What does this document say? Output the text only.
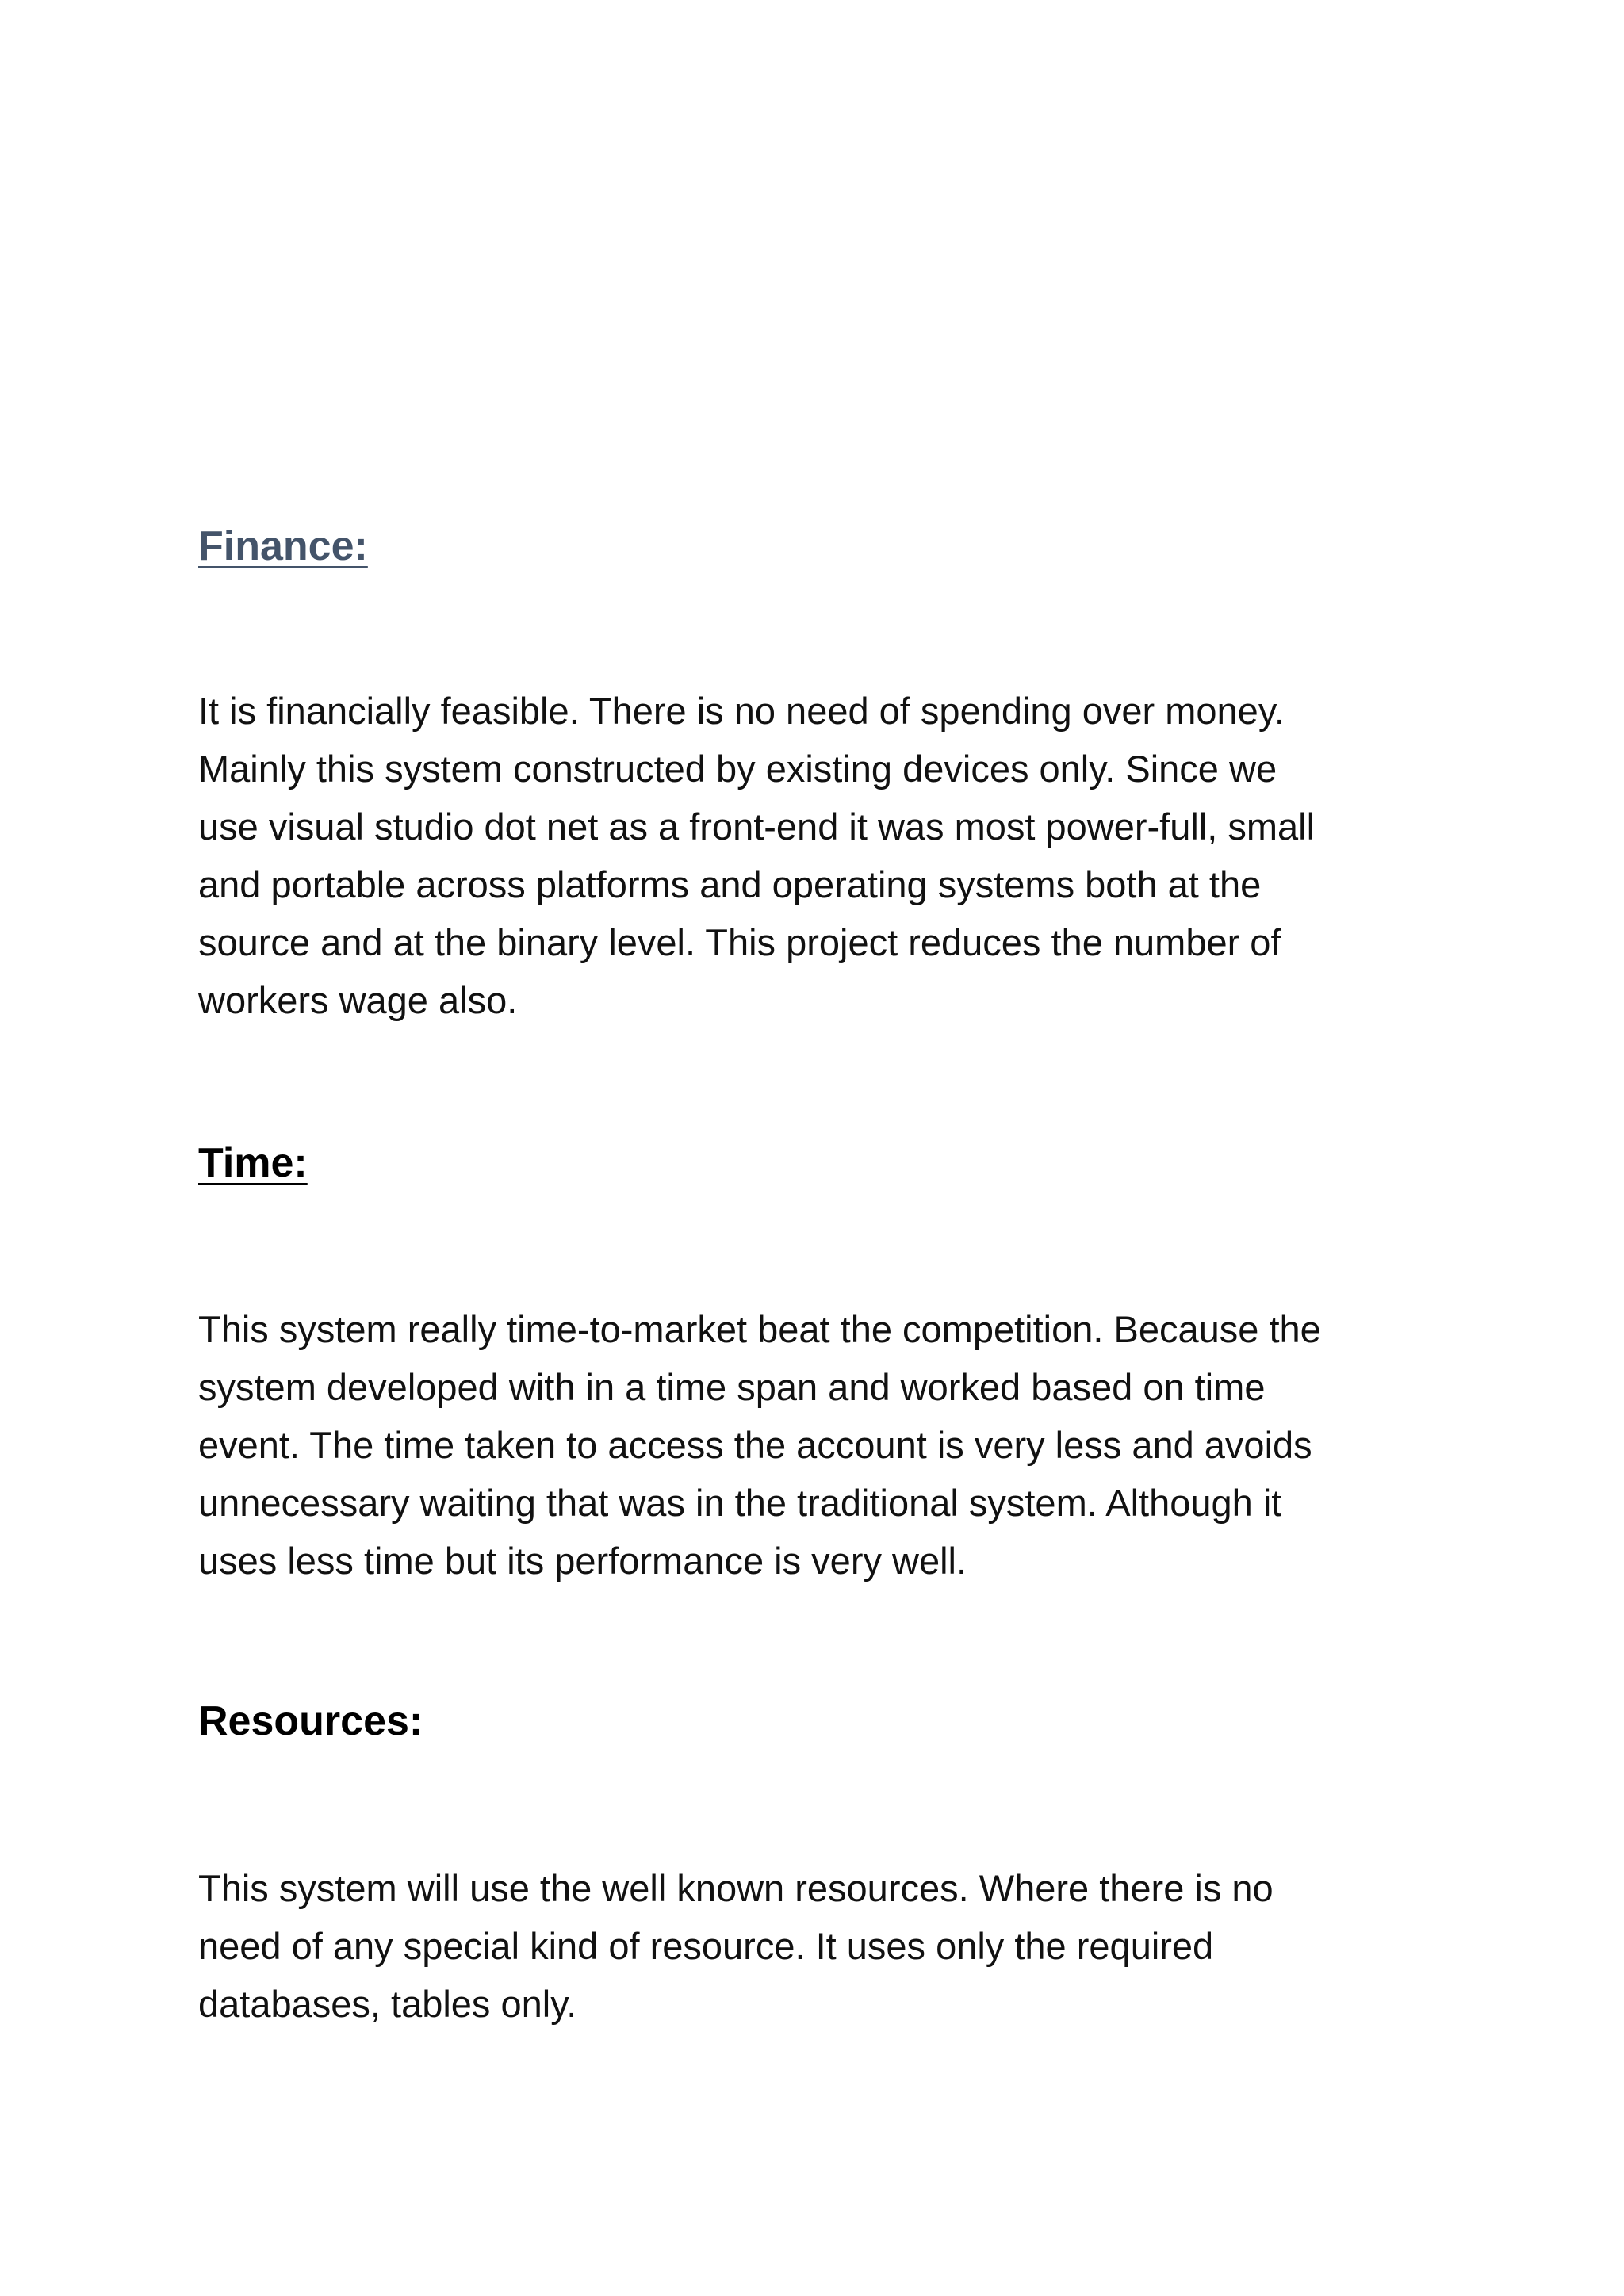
Finance:

It is financially feasible. There is no need of spending over money.
Mainly this system constructed by existing devices only. Since we
use visual studio dot net as a front-end it was most power-full, small
and portable across platforms and operating systems both at the
source and at the binary level. This project reduces the number of
workers wage also.

Time:

This system really time-to-market beat the competition. Because the
system developed with in a time span and worked based on time
event. The time taken to access the account is very less and avoids
unnecessary waiting that was in the traditional system. Although it
uses less time but its performance is very well.

Resources:

This system will use the well known resources. Where there is no
need of any special kind of resource. It uses only the required
databases, tables only.
